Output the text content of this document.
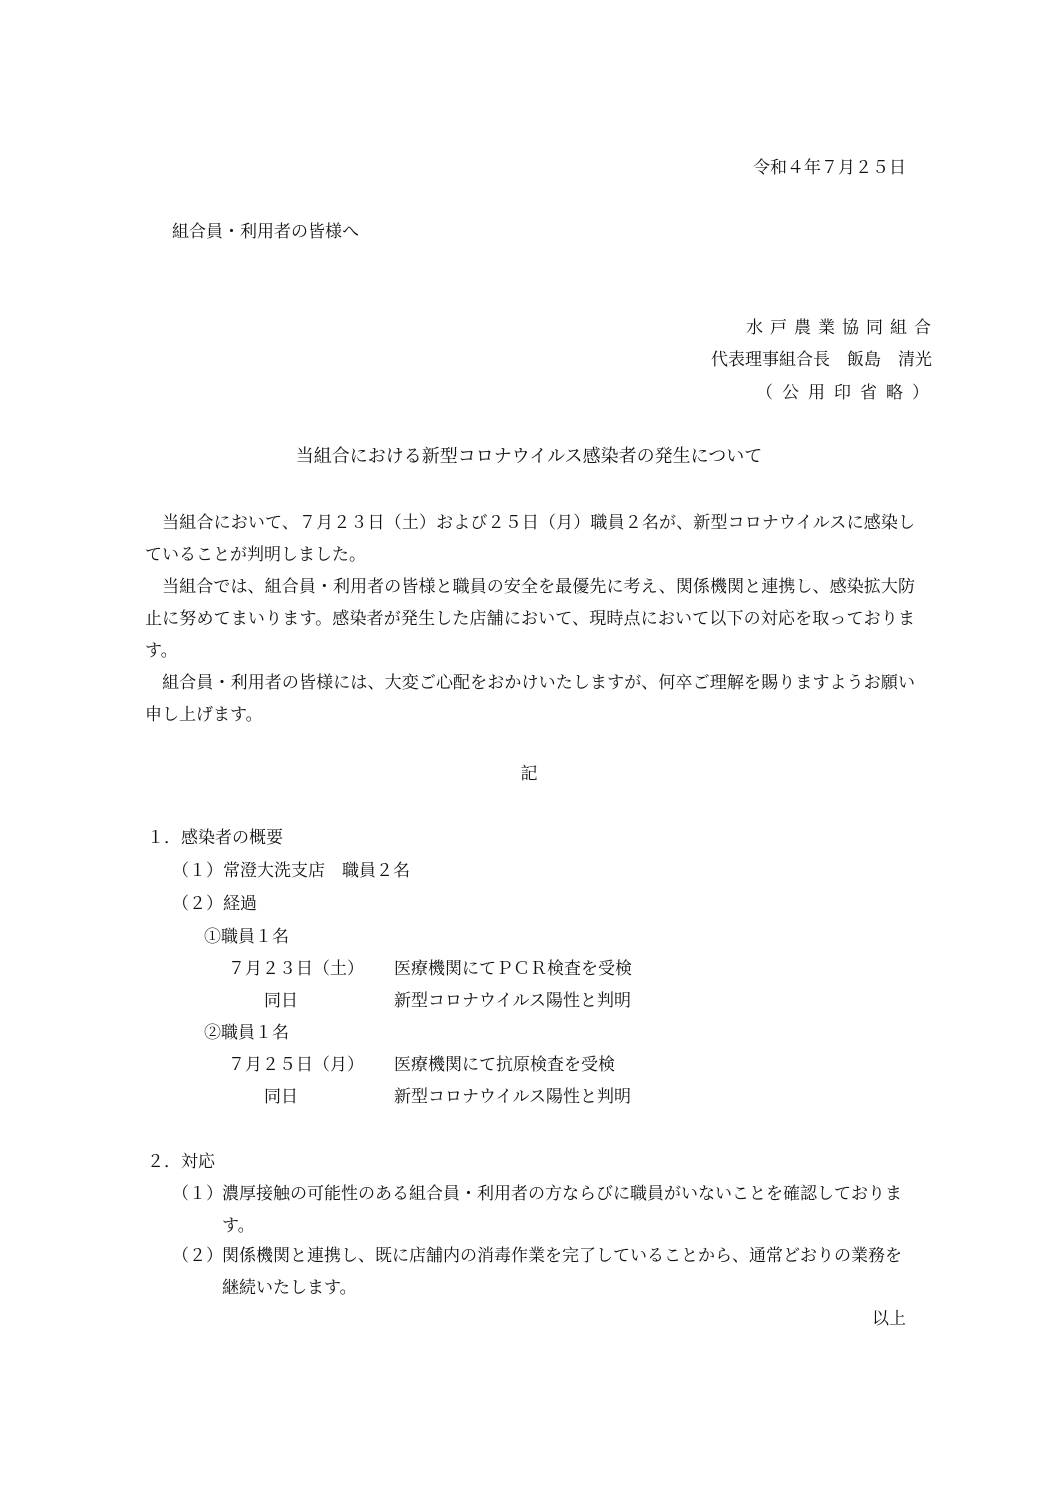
令和４年７月２５日
組合員・利用者の皆様へ
水戸農業協同組合
代表理事組合長　飯島　清光
（公用印省略）
当組合における新型コロナウイルス感染者の発生について

　当組合において、７月２３日（土）および２５日（月）職員２名が、新型コロナウイルスに感染していることが判明しました。

　当組合では、組合員・利用者の皆様と職員の安全を最優先に考え、関係機関と連携し、感染拡大防止に努めてまいります。感染者が発生した店舗において、現時点において以下の対応を取っております。

　組合員・利用者の皆様には、大変ご心配をおかけいたしますが、何卒ご理解を賜りますようお願い申し上げます。

記
１．感染者の概要
（１）常澄大洗支店　職員２名
（２）経過
①職員１名
７月２３日（土） 医療機関にてＰＣＲ検査を受検
同日	新型コロナウイルス陽性と判明
②職員１名
７月２５日（月） 医療機関にて抗原検査を受検
同日	新型コロナウイルス陽性と判明
２．対応
（１） 濃厚接触の可能性のある組合員・利用者の方ならびに職員がいないことを確認しております。
（２） 関係機関と連携し、既に店舗内の消毒作業を完了していることから、通常どおりの業務を継続いたします。
以上
